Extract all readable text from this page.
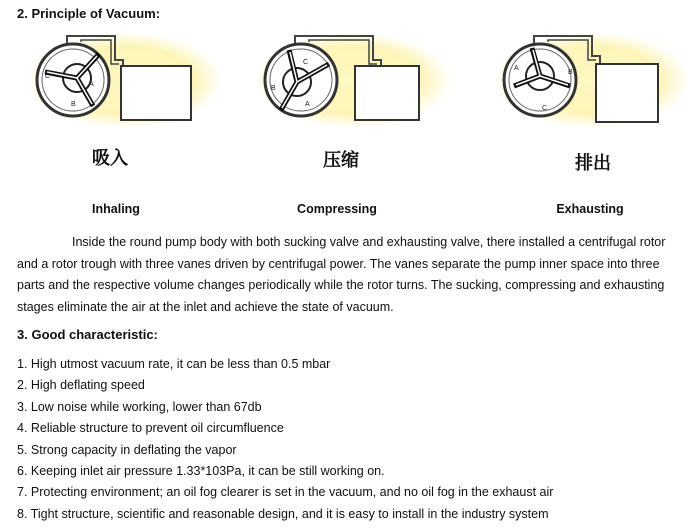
2. Principle of Vacuum:
C
A
B
C
B
A
A
B
C
吸入	压缩	排出
Inhaling	Compressing	Exhausting
Inside the round pump body with both sucking valve and exhausting valve, there installed a centrifugal rotor and a rotor trough with three vanes driven by centrifugal power. The vanes separate the pump inner space into three parts and the respective volume changes periodically while the rotor turns. The sucking, compressing and exhausting stages eliminate the air at the inlet and achieve the state of vacuum.
3. Good characteristic:
1. High utmost vacuum rate, it can be less than 0.5 mbar
2. High deflating speed
3. Low noise while working, lower than 67db
4. Reliable structure to prevent oil circumfluence
5. Strong capacity in deflating the vapor
6. Keeping inlet air pressure 1.33*103Pa, it can be still working on.
7. Protecting environment; an oil fog clearer is set in the vacuum, and no oil fog in the exhaust air
8. Tight structure, scientific and reasonable design, and it is easy to install in the industry system
